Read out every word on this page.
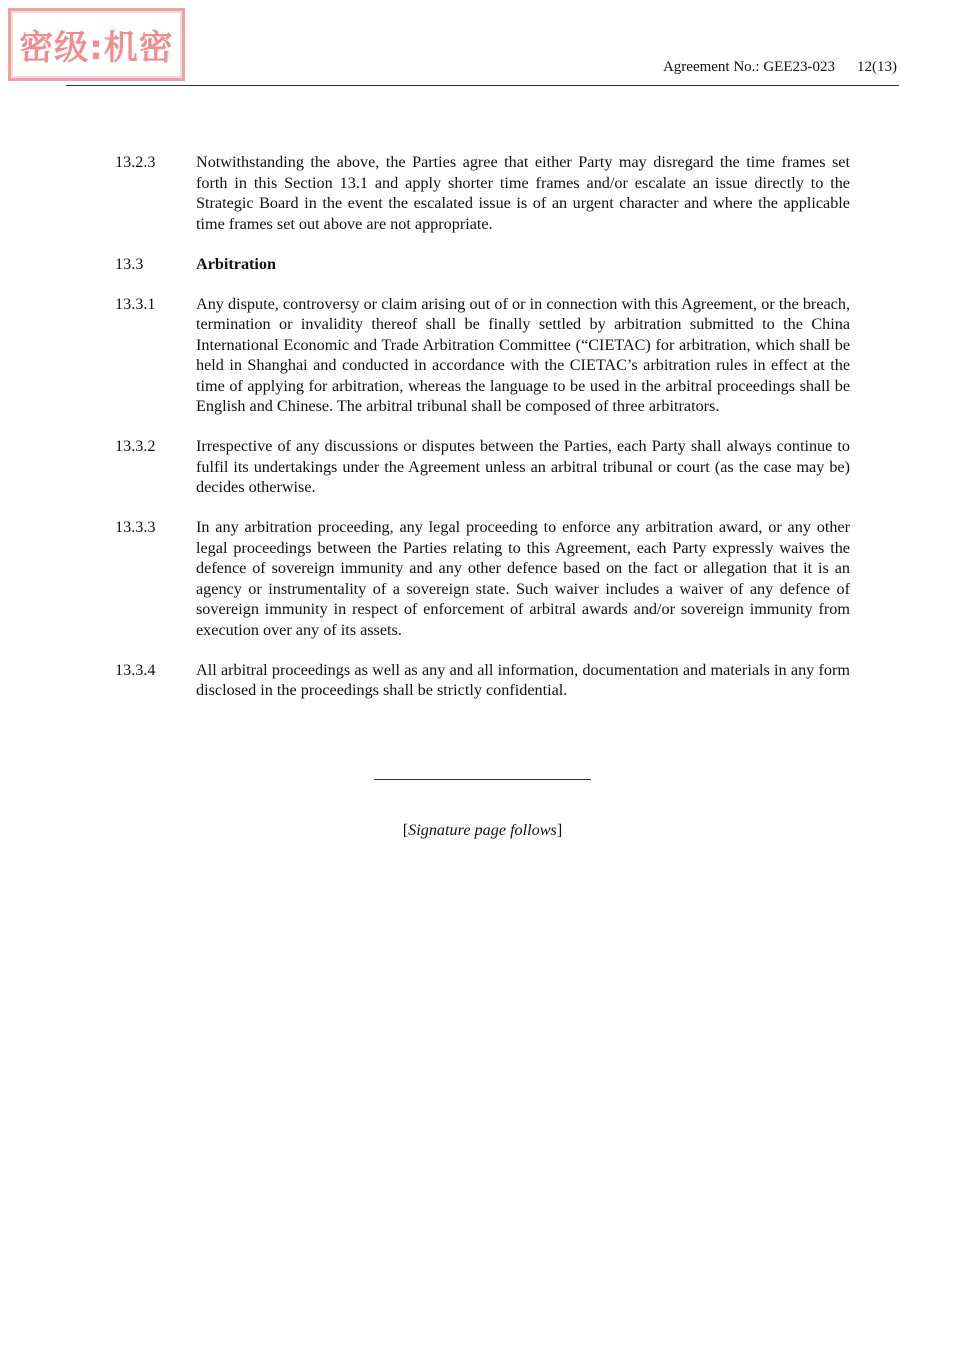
密级:机密	Agreement No.: GEE23-023 12(13)
13.2.3	Notwithstanding the above, the Parties agree that either Party may disregard the time frames set forth in this Section 13.1 and apply shorter time frames and/or escalate an issue directly to the Strategic Board in the event the escalated issue is of an urgent character and where the applicable time frames set out above are not appropriate.
13.3	Arbitration
13.3.1	Any dispute, controversy or claim arising out of or in connection with this Agreement, or the breach, termination or invalidity thereof shall be finally settled by arbitration submitted to the China International Economic and Trade Arbitration Committee (“CIETAC) for arbitration, which shall be held in Shanghai and conducted in accordance with the CIETAC’s arbitration rules in effect at the time of applying for arbitration, whereas the language to be used in the arbitral proceedings shall be English and Chinese. The arbitral tribunal shall be composed of three arbitrators.
13.3.2	Irrespective of any discussions or disputes between the Parties, each Party shall always continue to fulfil its undertakings under the Agreement unless an arbitral tribunal or court (as the case may be) decides otherwise.
13.3.3	In any arbitration proceeding, any legal proceeding to enforce any arbitration award, or any other legal proceedings between the Parties relating to this Agreement, each Party expressly waives the defence of sovereign immunity and any other defence based on the fact or allegation that it is an agency or instrumentality of a sovereign state. Such waiver includes a waiver of any defence of sovereign immunity in respect of enforcement of arbitral awards and/or sovereign immunity from execution over any of its assets.
13.3.4	All arbitral proceedings as well as any and all information, documentation and materials in any form disclosed in the proceedings shall be strictly confidential.
[Signature page follows]
